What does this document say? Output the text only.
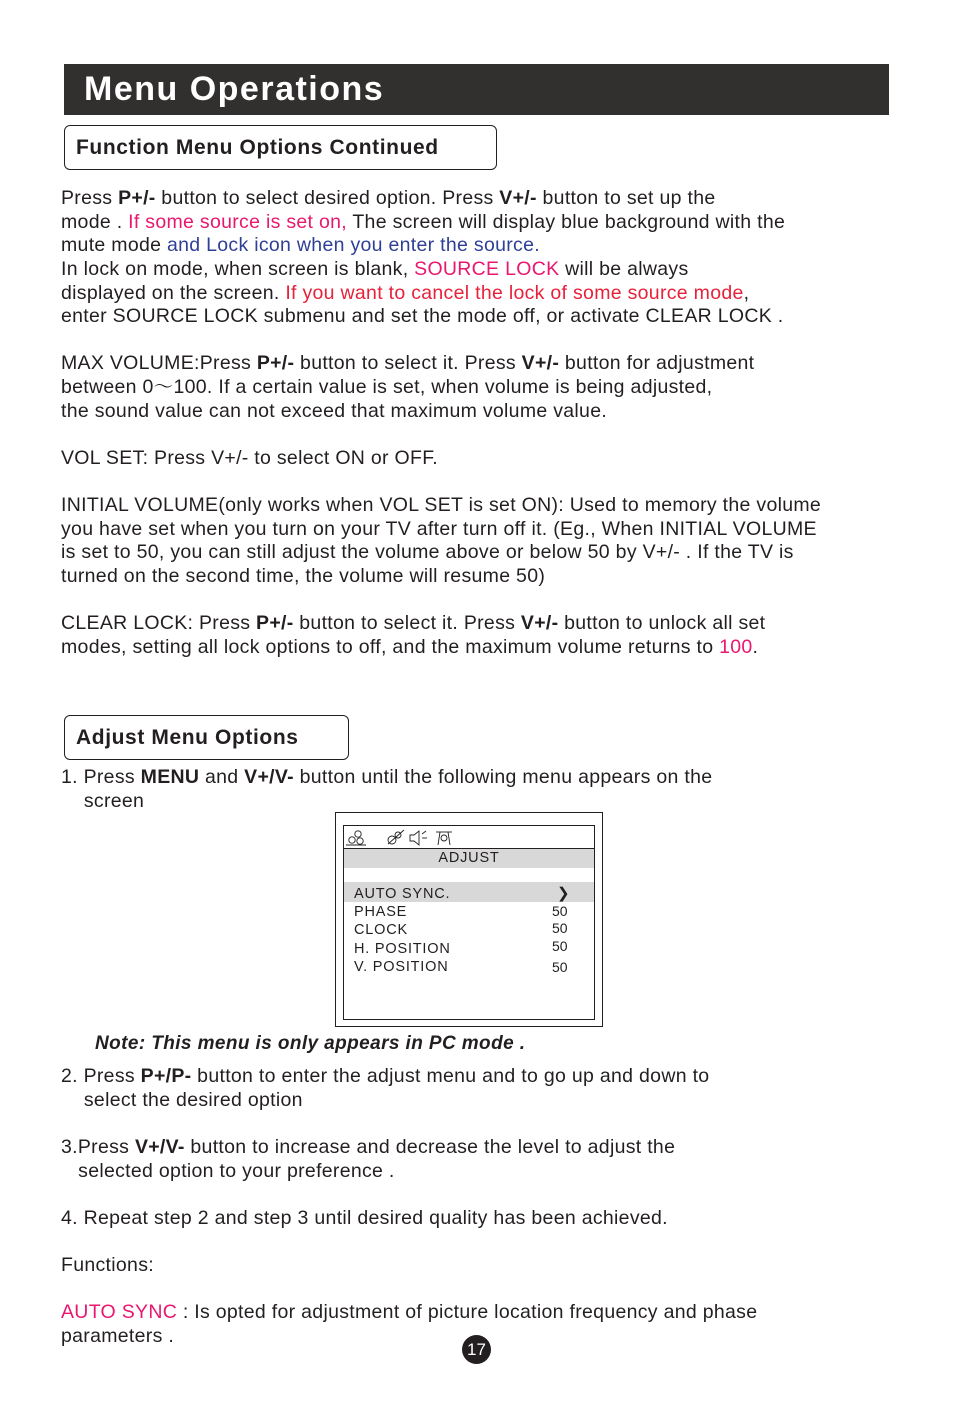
Menu Operations
Function Menu Options Continued
Press P+/- button to select desired option. Press V+/- button to set up the
mode . If some source is set on, The screen will display blue background with the
mute mode and Lock icon when you enter the source.
In lock on mode, when screen is blank, SOURCE LOCK will be always
displayed on the screen. If you want to cancel the lock of some source mode,
enter SOURCE LOCK submenu and set the mode off, or activate CLEAR LOCK .
MAX VOLUME:Press P+/- button to select it. Press V+/- button for adjustment
between 0～100. If a certain value is set, when volume is being adjusted,
the sound value can not exceed that maximum volume value.
VOL SET: Press V+/- to select ON or OFF.
INITIAL VOLUME(only works when VOL SET is set ON): Used to memory the volume
you have set when you turn on your TV after turn off it. (Eg., When INITIAL VOLUME
is set to 50, you can still adjust the volume above or below 50 by V+/- . If the TV is
turned on the second time, the volume will resume 50)
CLEAR LOCK: Press P+/- button to select it. Press V+/- button to unlock all set
modes, setting all lock options to off, and the maximum volume returns to 100.
Adjust Menu Options
1. Press MENU and V+/V- button until the following menu appears on the
screen
ADJUST
AUTO SYNC.	❯
PHASE	50
CLOCK	50
H. POSITION	50
V. POSITION	50
Note: This menu is only appears in PC mode .
2. Press P+/P- button to enter the adjust menu and to go up and down to
select the desired option
3.Press V+/V- button to increase and decrease the level to adjust the
selected option to your preference .
4. Repeat step 2 and step 3 until desired quality has been achieved.
Functions:
AUTO SYNC : Is opted for adjustment of picture location frequency and phase
parameters .
17
